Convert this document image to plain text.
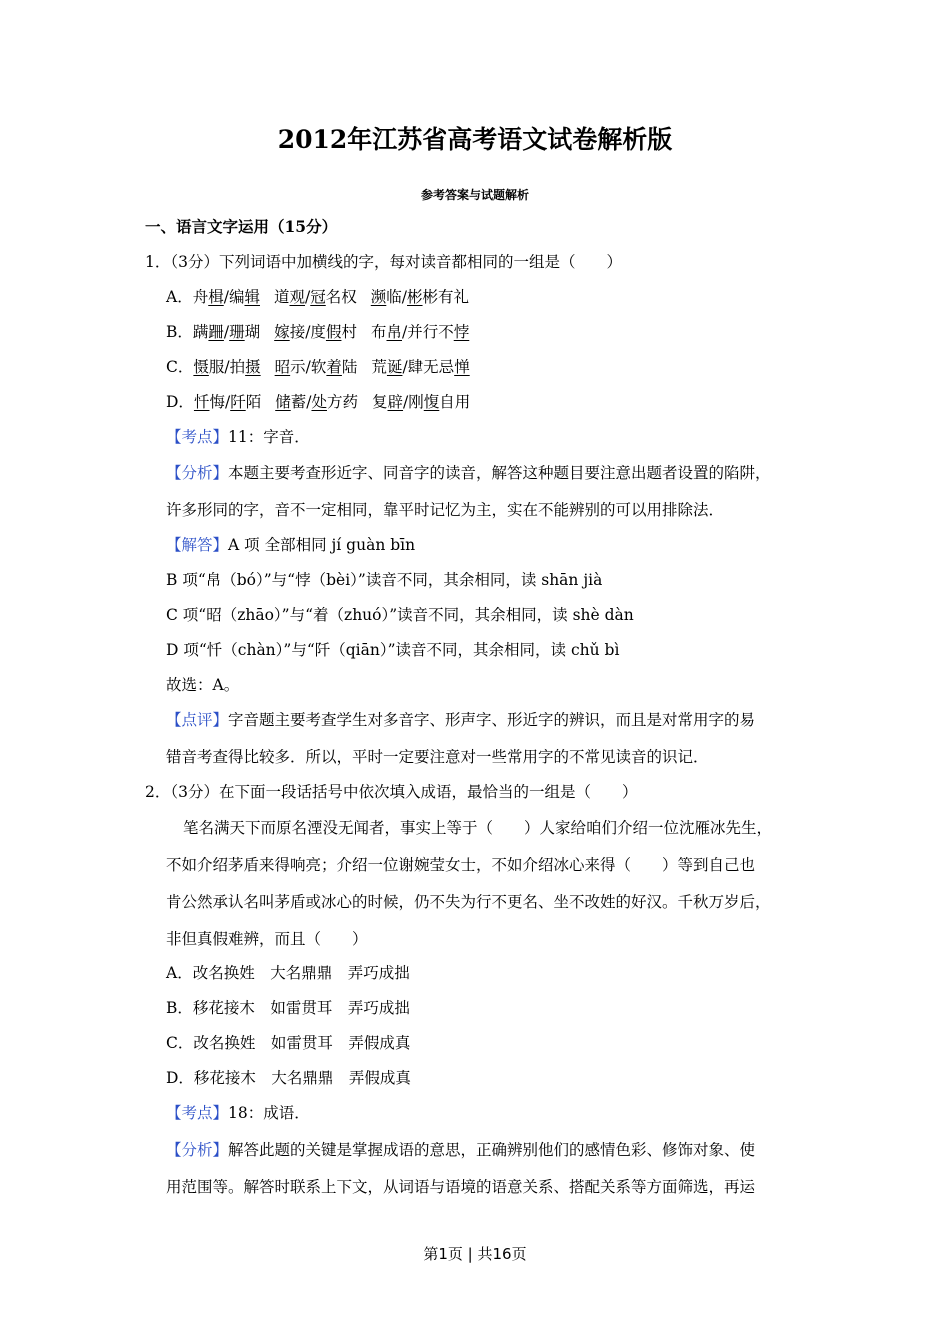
2012年江苏省高考语文试卷解析版
参考答案与试题解析
一、语言文字运用（15分）
1．（3分）下列词语中加横线的字，每对读音都相同的一组是（　　）
A．舟楫/编辑 道观/冠名权 濒临/彬彬有礼
B．蹒跚/珊瑚 嫁接/度假村 布帛/并行不悖
C．慑服/拍摄 昭示/软着陆 荒诞/肆无忌惮
D．忏悔/阡陌 储蓄/处方药 复辟/刚愎自用
【考点】11：字音．
【分析】本题主要考查形近字、同音字的读音，解答这种题目要注意出题者设置的陷阱，
许多形同的字，音不一定相同，靠平时记忆为主，实在不能辨别的可以用排除法．
【解答】A 项 全部相同 jí guàn bīn
B 项“帛（bó）”与“悖（bèi）”读音不同，其余相同，读 shān jià
C 项“昭（zhāo）”与“着（zhuó）”读音不同，其余相同，读 shè dàn
D 项“忏（chàn）”与“阡（qiān）”读音不同，其余相同，读 chǔ bì
故选：A。
【点评】字音题主要考查学生对多音字、形声字、形近字的辨识，而且是对常用字的易
错音考查得比较多．所以，平时一定要注意对一些常用字的不常见读音的识记．
2．（3分）在下面一段话括号中依次填入成语，最恰当的一组是（　　）
笔名满天下而原名湮没无闻者，事实上等于（　　）人家给咱们介绍一位沈雁冰先生，
不如介绍茅盾来得响亮；介绍一位谢婉莹女士，不如介绍冰心来得（　　）等到自己也
肯公然承认名叫茅盾或冰心的时候，仍不失为行不更名、坐不改姓的好汉。千秋万岁后，
非但真假难辨，而且（　　）
A．改名换姓　大名鼎鼎　弄巧成拙
B．移花接木　如雷贯耳　弄巧成拙
C．改名换姓　如雷贯耳　弄假成真
D．移花接木　大名鼎鼎　弄假成真
【考点】18：成语．
【分析】解答此题的关键是掌握成语的意思，正确辨别他们的感情色彩、修饰对象、使
用范围等。解答时联系上下文，从词语与语境的语意关系、搭配关系等方面筛选，再运
第1页 | 共16页
